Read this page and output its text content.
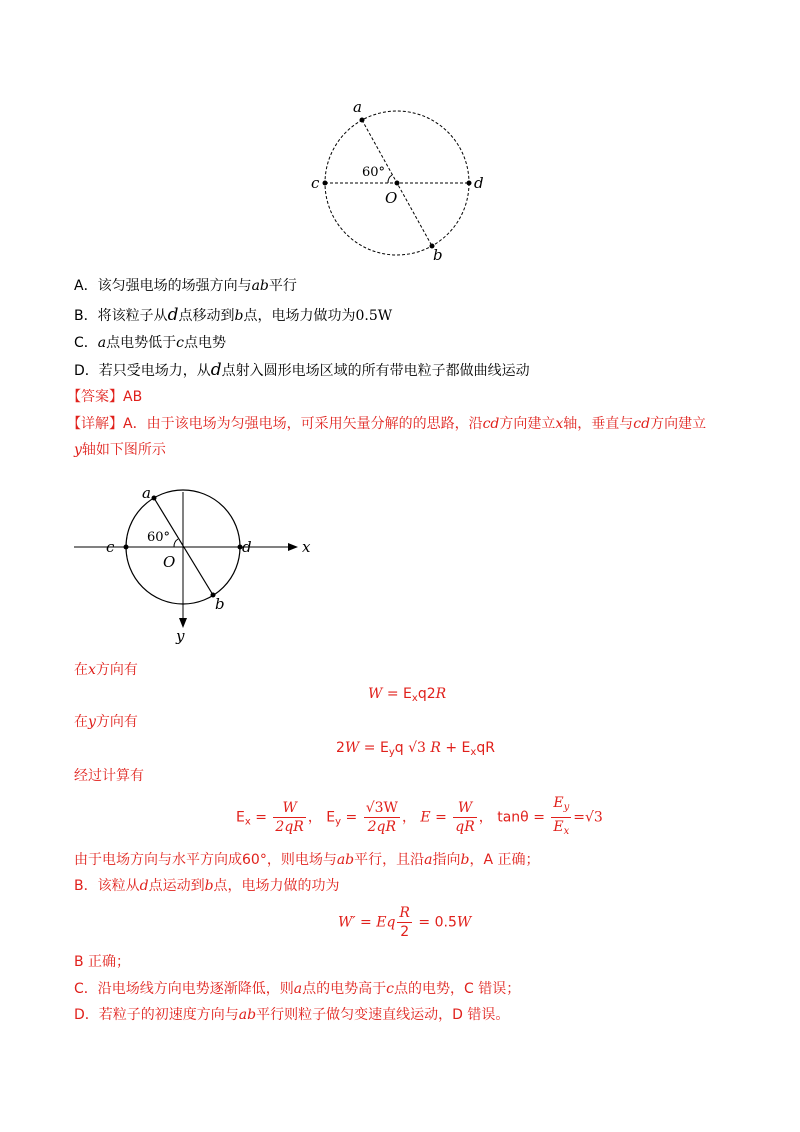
a
b
c	d
O
60°
A．该匀强电场的场强方向与ab平行
B．将该粒子从d点移动到b点，电场力做功为0.5W
C．a点电势低于c点电势
D．若只受电场力，从d点射入圆形电场区域的所有带电粒子都做曲线运动
【答案】AB
【详解】A．由于该电场为匀强电场，可采用矢量分解的的思路，沿cd方向建立x轴，垂直与cd方向建立
y轴如下图所示
a
b
c	d
O
60°
x
y
在x方向有
$W = E_xq2R$
在y方向有
$2W = E_yq$ √3 $R + E_xqR$
经过计算有
$E_x = \frac{W}{2qR}$ ， $E_y = \frac{√3W}{2qR}$ ， $E = \frac{W}{qR}$ ， $\tan\theta = \frac{E_y}{E_x} =√3$
由于电场方向与水平方向成60°，则电场与ab平行，且沿a指向b，A 正确；
B．该粒从d点运动到b点，电场力做的功为
W′ = Eq $\frac{R}{2} = 0.5W$
B 正确；
C．沿电场线方向电势逐渐降低，则a点的电势高于c点的电势，C 错误；
D．若粒子的初速度方向与ab平行则粒子做匀变速直线运动，D 错误。
